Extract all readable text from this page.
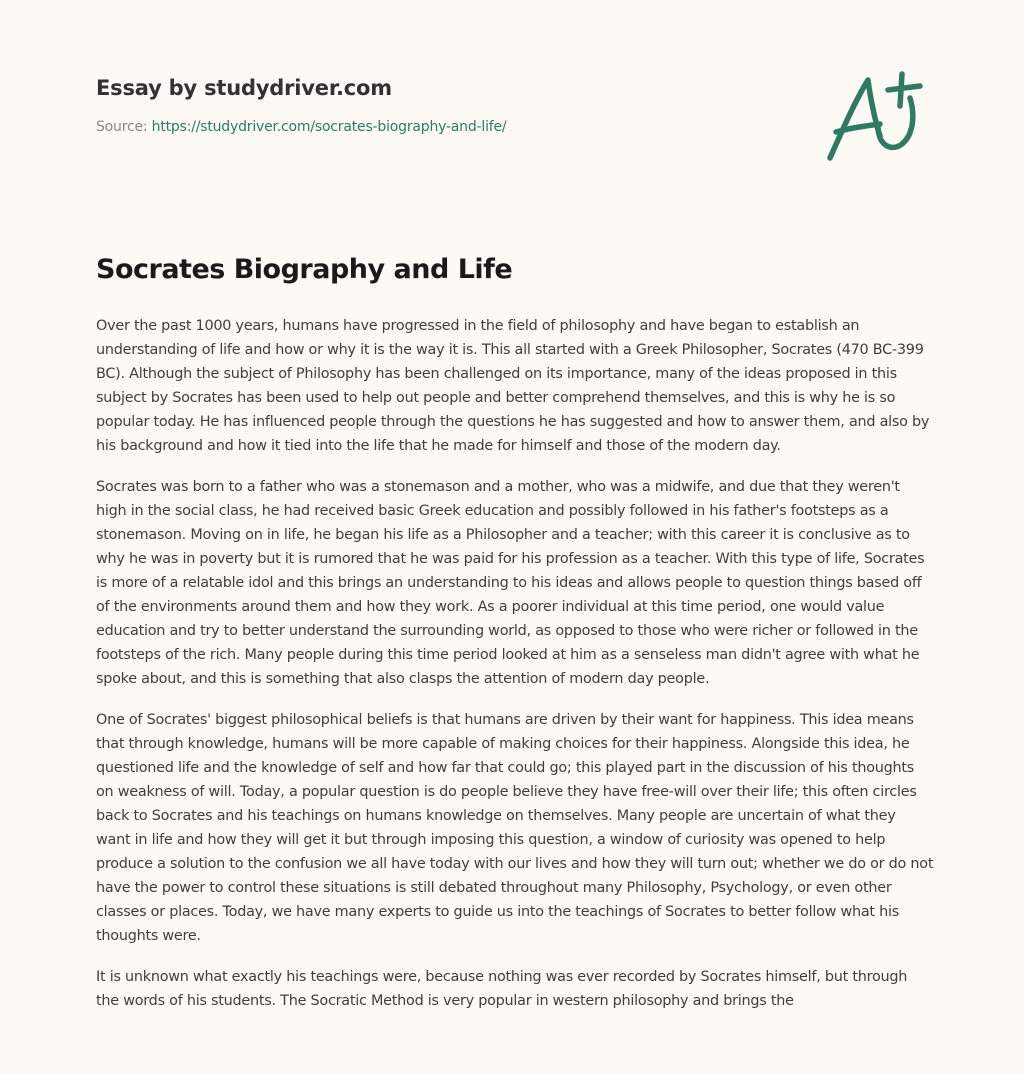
Essay by studydriver.com
Source: https://studydriver.com/socrates-biography-and-life/
Socrates Biography and Life

Over the past 1000 years, humans have progressed in the field of philosophy and have began to establish an understanding of life and how or why it is the way it is. This all started with a Greek Philosopher, Socrates (470 BC-399 BC). Although the subject of Philosophy has been challenged on its importance, many of the ideas proposed in this subject by Socrates has been used to help out people and better comprehend themselves, and this is why he is so popular today. He has influenced people through the questions he has suggested and how to answer them, and also by his background and how it tied into the life that he made for himself and those of the modern day.

Socrates was born to a father who was a stonemason and a mother, who was a midwife, and due that they weren't high in the social class, he had received basic Greek education and possibly followed in his father's footsteps as a stonemason. Moving on in life, he began his life as a Philosopher and a teacher; with this career it is conclusive as to why he was in poverty but it is rumored that he was paid for his profession as a teacher. With this type of life, Socrates is more of a relatable idol and this brings an understanding to his ideas and allows people to question things based off of the environments around them and how they work. As a poorer individual at this time period, one would value education and try to better understand the surrounding world, as opposed to those who were richer or followed in the footsteps of the rich. Many people during this time period looked at him as a senseless man didn't agree with what he spoke about, and this is something that also clasps the attention of modern day people.

One of Socrates' biggest philosophical beliefs is that humans are driven by their want for happiness. This idea means that through knowledge, humans will be more capable of making choices for their happiness. Alongside this idea, he questioned life and the knowledge of self and how far that could go; this played part in the discussion of his thoughts on weakness of will. Today, a popular question is do people believe they have free-will over their life; this often circles back to Socrates and his teachings on humans knowledge on themselves. Many people are uncertain of what they want in life and how they will get it but through imposing this question, a window of curiosity was opened to help produce a solution to the confusion we all have today with our lives and how they will turn out; whether we do or do not have the power to control these situations is still debated throughout many Philosophy, Psychology, or even other classes or places. Today, we have many experts to guide us into the teachings of Socrates to better follow what his thoughts were.

It is unknown what exactly his teachings were, because nothing was ever recorded by Socrates himself, but through the words of his students. The Socratic Method is very popular in western philosophy and brings the
